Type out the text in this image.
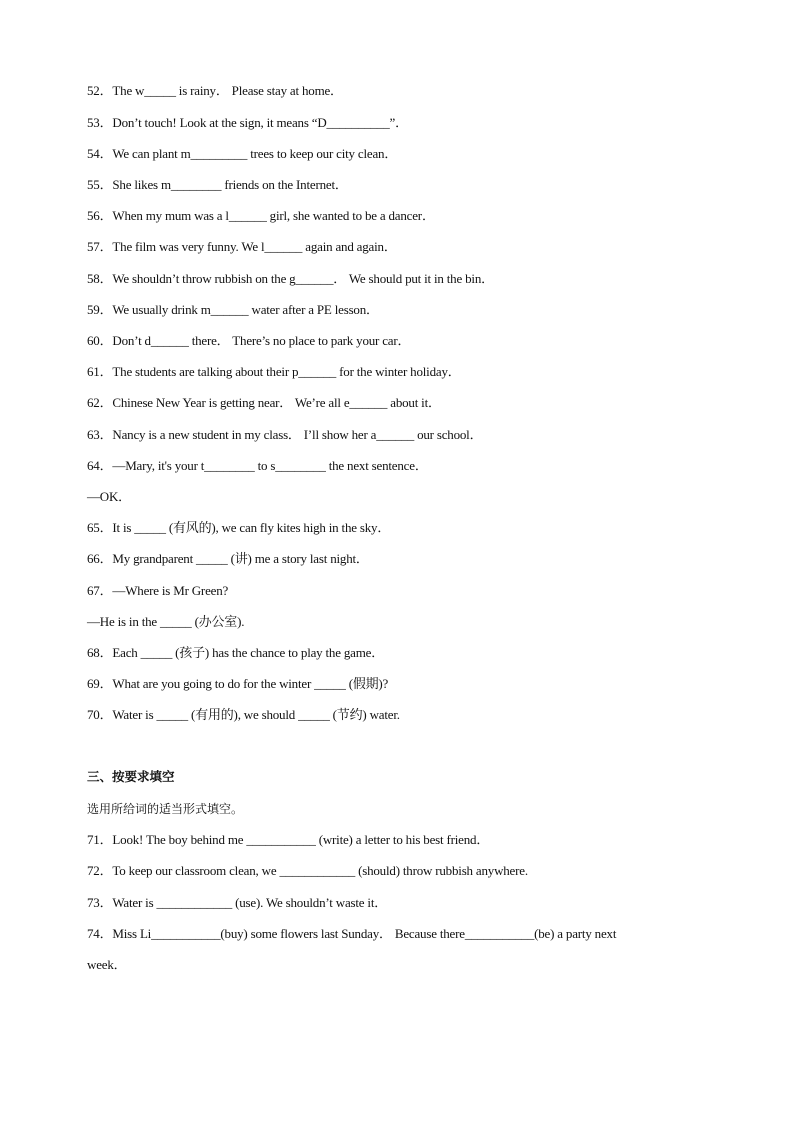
52．The w_____ is rainy． Please stay at home．
53．Don’t touch! Look at the sign, it means “D__________”．
54．We can plant m_________ trees to keep our city clean．
55．She likes m________ friends on the Internet．
56．When my mum was a l______ girl, she wanted to be a dancer．
57．The film was very funny. We l______ again and again．
58．We shouldn’t throw rubbish on the g______． We should put it in the bin．
59．We usually drink m______ water after a PE lesson．
60．Don’t d______ there． There’s no place to park your car．
61．The students are talking about their p______ for the winter holiday．
62．Chinese New Year is getting near． We’re all e______ about it．
63．Nancy is a new student in my class． I’ll show her a______ our school．
64．—Mary, it's your t________ to s________ the next sentence．
—OK．
65．It is _____ (有风的), we can fly kites high in the sky．
66．My grandparent _____ (讲) me a story last night．
67．—Where is Mr Green?
—He is in the _____ (办公室).
68．Each _____ (孩子) has the chance to play the game．
69．What are you going to do for the winter _____ (假期)?
70．Water is _____ (有用的), we should _____ (节约) water.
三、按要求填空
选用所给词的适当形式填空。
71．Look! The boy behind me ___________ (write) a letter to his best friend．
72．To keep our classroom clean, we ____________ (should) throw rubbish anywhere.
73．Water is ____________ (use). We shouldn’t waste it．
74．Miss Li___________(buy) some flowers last Sunday． Because there___________(be) a party next
week．
